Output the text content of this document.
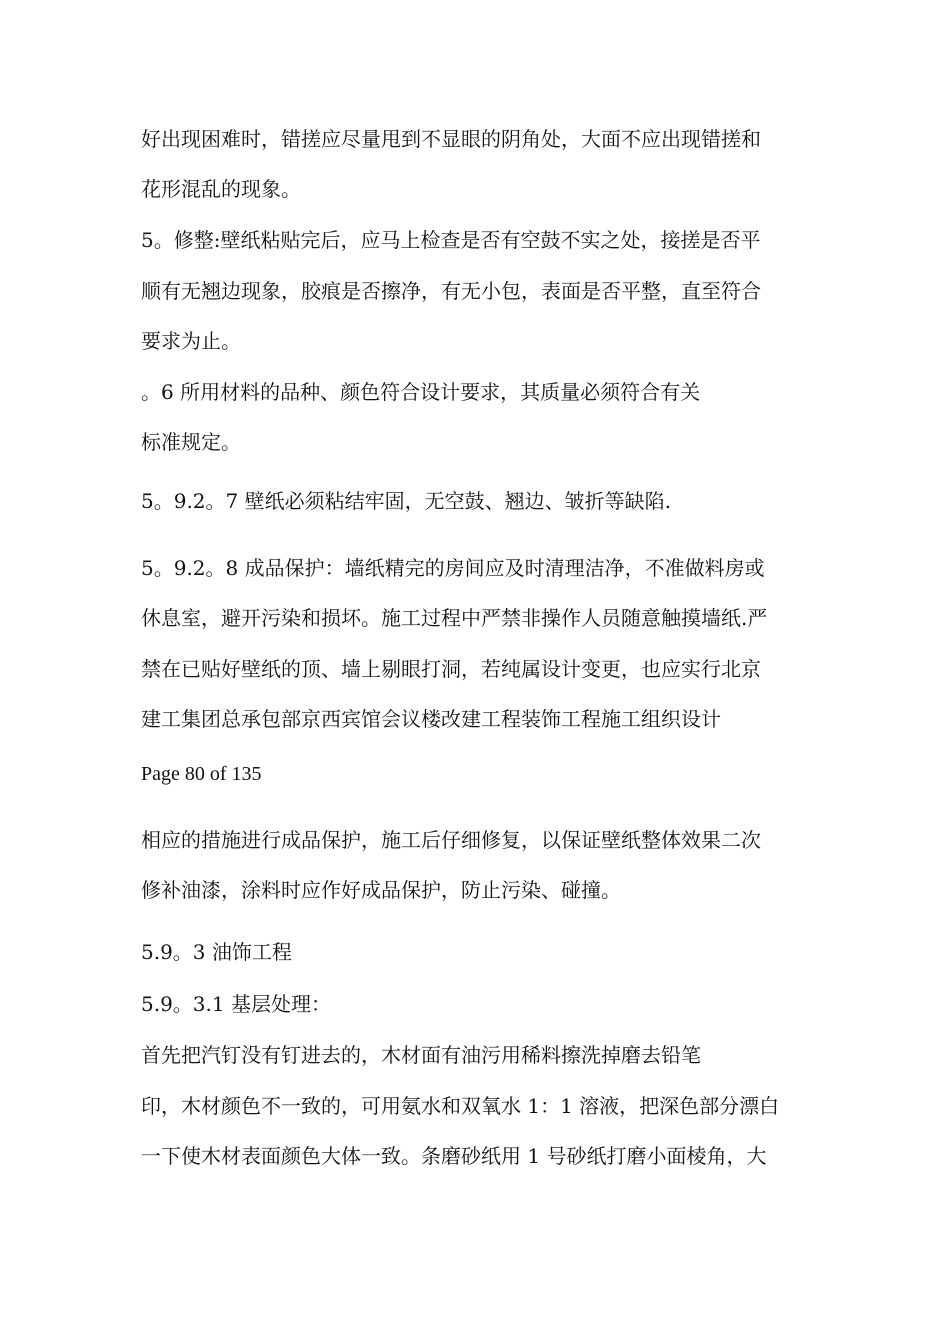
好出现困难时，错搓应尽量甩到不显眼的阴角处，大面不应出现错搓和
花形混乱的现象。
5。修整:壁纸粘贴完后，应马上检查是否有空鼓不实之处，接搓是否平
顺有无翘边现象，胶痕是否擦净，有无小包，表面是否平整，直至符合
要求为止。
。6 所用材料的品种、颜色符合设计要求，其质量必须符合有关
标准规定。
5。9.2。7 壁纸必须粘结牢固，无空鼓、翘边、皱折等缺陷.
5。9.2。8 成品保护：墙纸精完的房间应及时清理洁净，不准做料房或
休息室，避开污染和损坏。施工过程中严禁非操作人员随意触摸墙纸.严
禁在已贴好壁纸的顶、墙上剔眼打洞，若纯属设计变更，也应实行北京
建工集团总承包部京西宾馆会议楼改建工程装饰工程施工组织设计
Page 80 of 135
相应的措施进行成品保护，施工后仔细修复，以保证壁纸整体效果二次
修补油漆，涂料时应作好成品保护，防止污染、碰撞。
5.9。3 油饰工程
5.9。3.1 基层处理：
首先把汽钉没有钉进去的，木材面有油污用稀料擦洗掉磨去铅笔
印，木材颜色不一致的，可用氨水和双氧水 1：1 溶液，把深色部分漂白
一下使木材表面颜色大体一致。条磨砂纸用 1 号砂纸打磨小面棱角，大
